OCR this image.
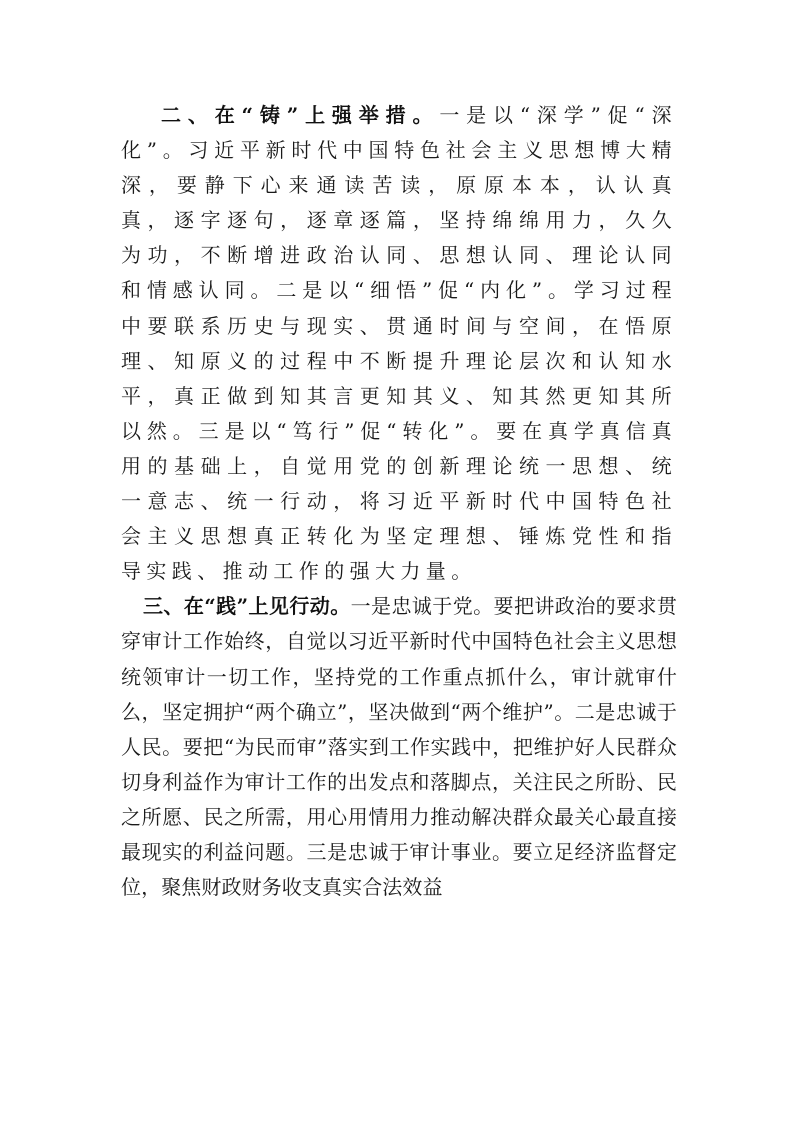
二、在“铸”上强举措。一是以“深学”促“深化”。习近平新时代中国特色社会主义思想博大精深，要静下心来通读苦读，原原本本，认认真真，逐字逐句，逐章逐篇，坚持绵绵用力，久久为功，不断增进政治认同、思想认同、理论认同和情感认同。二是以“细悟”促“内化”。学习过程中要联系历史与现实、贯通时间与空间，在悟原理、知原义的过程中不断提升理论层次和认知水平，真正做到知其言更知其义、知其然更知其所以然。三是以“笃行”促“转化”。要在真学真信真用的基础上，自觉用党的创新理论统一思想、统一意志、统一行动，将习近平新时代中国特色社会主义思想真正转化为坚定理想、锤炼党性和指导实践、推动工作的强大力量。

三、在“践”上见行动。一是忠诚于党。要把讲政治的要求贯穿审计工作始终，自觉以习近平新时代中国特色社会主义思想统领审计一切工作，坚持党的工作重点抓什么，审计就审什么，坚定拥护“两个确立”，坚决做到“两个维护”。二是忠诚于人民。要把“为民而审”落实到工作实践中，把维护好人民群众切身利益作为审计工作的出发点和落脚点，关注民之所盼、民之所愿、民之所需，用心用情用力推动解决群众最关心最直接最现实的利益问题。三是忠诚于审计事业。要立足经济监督定位，聚焦财政财务收支真实合法效益
